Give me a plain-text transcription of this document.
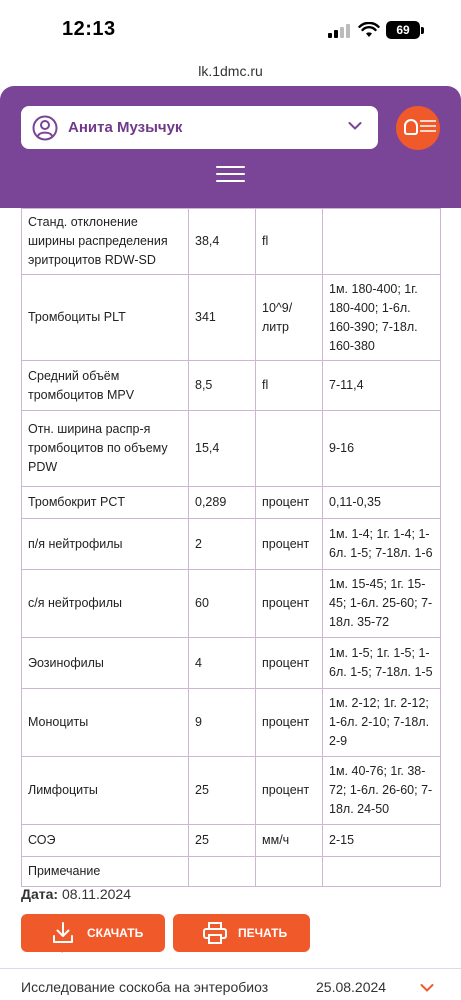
12:13	69
lk.1dmc.ru
Анита Музычук
Станд. отклонение ширины распределения эритроцитов RDW-SD	38,4	fl	
Тромбоциты PLT	341	10^9/литр	1м. 180-400; 1г. 180-400; 1-6л. 160-390; 7-18л. 160-380
Средний объём тромбоцитов MPV	8,5	fl	7-11,4
Отн. ширина распр-я тромбоцитов по объему PDW	15,4		9-16
Тромбокрит PCT	0,289	процент	0,11-0,35
п/я нейтрофилы	2	процент	1м. 1-4; 1г. 1-4; 1-6л. 1-5; 7-18л. 1-6
с/я нейтрофилы	60	процент	1м. 15-45; 1г. 15-45; 1-6л. 25-60; 7-18л. 35-72
Эозинофилы	4	процент	1м. 1-5; 1г. 1-5; 1-6л. 1-5; 7-18л. 1-5
Моноциты	9	процент	1м. 2-12; 1г. 2-12; 1-6л. 2-10; 7-18л. 2-9
Лимфоциты	25	процент	1м. 40-76; 1г. 38-72; 1-6л. 26-60; 7-18л. 24-50
СОЭ	25	мм/ч	2-15
Примечание			
Дата: 08.11.2024
СКАЧАТЬ	ПЕЧАТЬ
^Наверх
Исследование соскоба на энтеробиоз	25.08.2024
